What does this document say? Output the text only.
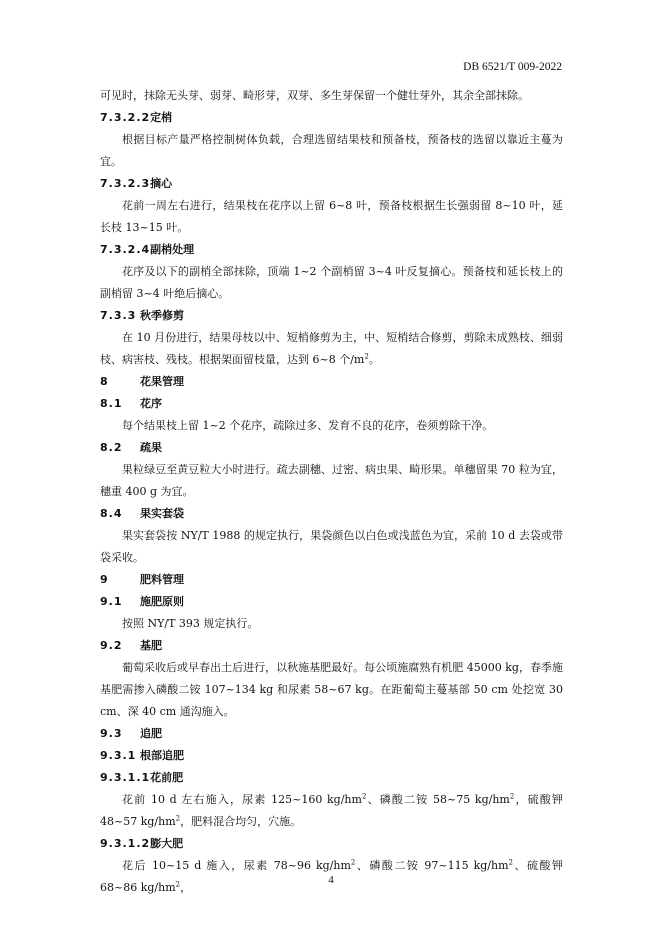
DB 6521/T 009-2022

可见时，抹除无头芽、弱芽、畸形芽，双芽、多生芽保留一个健壮芽外，其余全部抹除。

7.3.2.2定梢

根据目标产量严格控制树体负载，合理选留结果枝和预备枝，预备枝的选留以靠近主蔓为宜。

7.3.2.3摘心

花前一周左右进行，结果枝在花序以上留 6~8 叶，预备枝根据生长强弱留 8~10 叶，延长枝 13~15 叶。

7.3.2.4副梢处理

花序及以下的副梢全部抹除，顶端 1~2 个副梢留 3~4 叶反复摘心。预备枝和延长枝上的副梢留 3~4 叶绝后摘心。

7.3.3 秋季修剪

在 10 月份进行，结果母枝以中、短梢修剪为主，中、短梢结合修剪，剪除未成熟枝、细弱枝、病害枝、残枝。根据架面留枝量，达到 6~8 个$/m^2$。

8	花果管理

8.1 花序

每个结果枝上留 1~2 个花序，疏除过多、发育不良的花序，卷须剪除干净。

8.2 疏果

果粒绿豆至黄豆粒大小时进行。疏去副穗、过密、病虫果、畸形果。单穗留果 70 粒为宜，穗重 400 g 为宜。

8.4 果实套袋

果实套袋按 NY/T 1988 的规定执行，果袋颜色以白色或浅蓝色为宜，采前 10 d 去袋或带袋采收。

9	肥料管理

9.1 施肥原则

按照 NY/T 393 规定执行。

9.2 基肥

葡萄采收后或早春出土后进行，以秋施基肥最好。每公顷施腐熟有机肥 45000 kg，春季施基肥需掺入磷酸二铵 107~134 kg 和尿素 58~67 kg。在距葡萄主蔓基部 50 cm 处挖宽 30 cm、深 40 cm 通沟施入。

9.3 追肥

9.3.1 根部追肥

9.3.1.1花前肥

花前 10 d 左右施入，尿素 125~160 $kg/hm^2$、磷酸二铵 58~75 $kg/hm^2$，硫酸钾 48~57 $kg/hm^2$，肥料混合均匀，穴施。

9.3.1.2膨大肥

花后 10~15 d 施入，尿素 78~96 $kg/hm^2$、磷酸二铵 97~115 $kg/hm^2$、硫酸钾 68~86 $kg/hm^2$，

4
